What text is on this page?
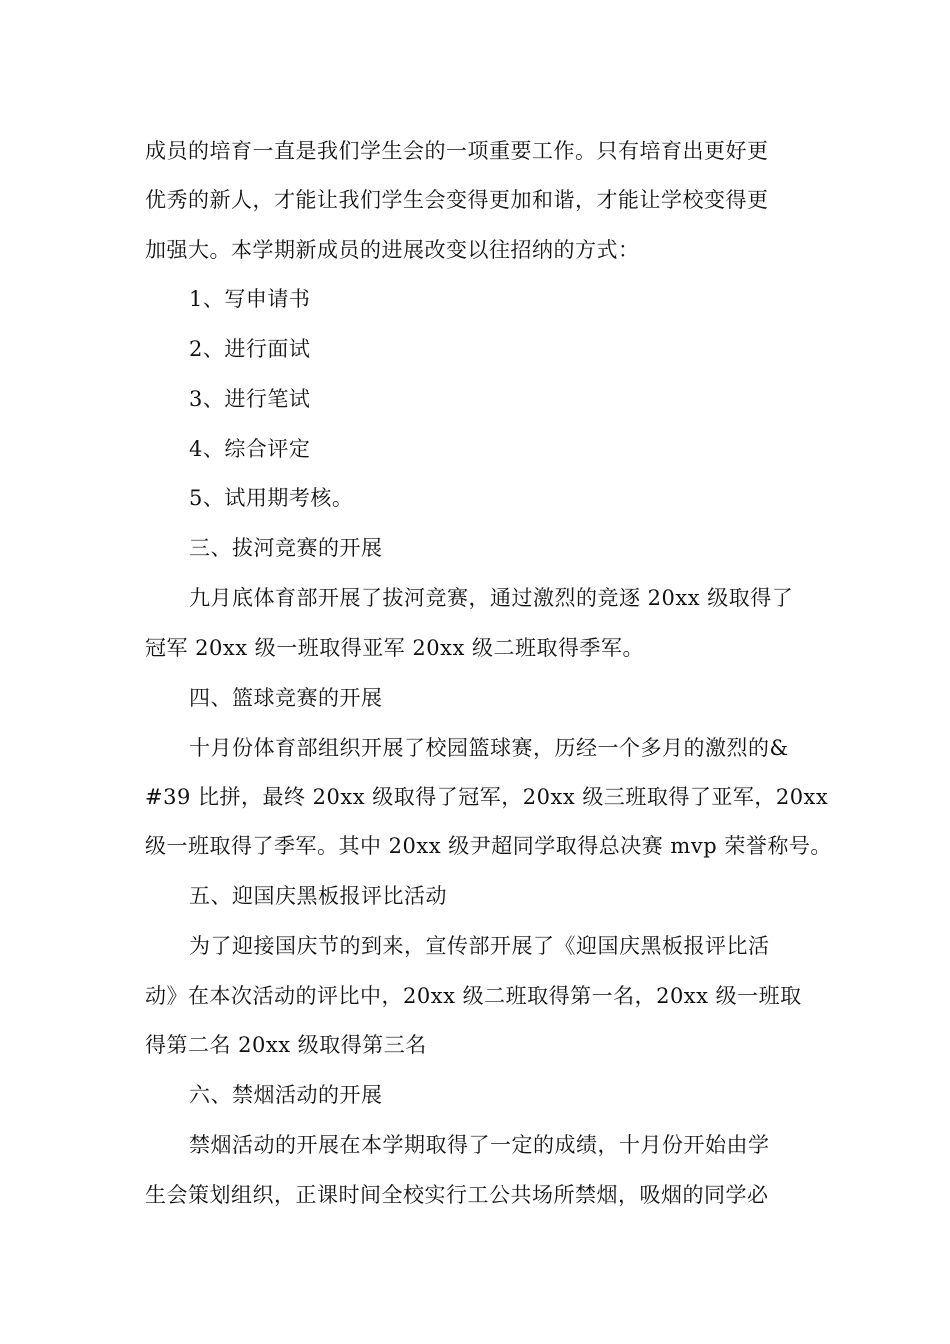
成员的培育一直是我们学生会的一项重要工作。只有培育出更好更
优秀的新人，才能让我们学生会变得更加和谐，才能让学校变得更
加强大。本学期新成员的进展改变以往招纳的方式：
1、写申请书
2、进行面试
3、进行笔试
4、综合评定
5、试用期考核。
三、拔河竞赛的开展
九月底体育部开展了拔河竞赛，通过激烈的竞逐 20xx 级取得了
冠军 20xx 级一班取得亚军 20xx 级二班取得季军。
四、篮球竞赛的开展
十月份体育部组织开展了校园篮球赛，历经一个多月的激烈的&
#39 比拼，最终 20xx 级取得了冠军，20xx 级三班取得了亚军，20xx
级一班取得了季军。其中 20xx 级尹超同学取得总决赛 mvp 荣誉称号。
五、迎国庆黑板报评比活动
为了迎接国庆节的到来，宣传部开展了《迎国庆黑板报评比活
动》在本次活动的评比中，20xx 级二班取得第一名，20xx 级一班取
得第二名 20xx 级取得第三名
六、禁烟活动的开展
禁烟活动的开展在本学期取得了一定的成绩，十月份开始由学
生会策划组织，正课时间全校实行工公共场所禁烟，吸烟的同学必
